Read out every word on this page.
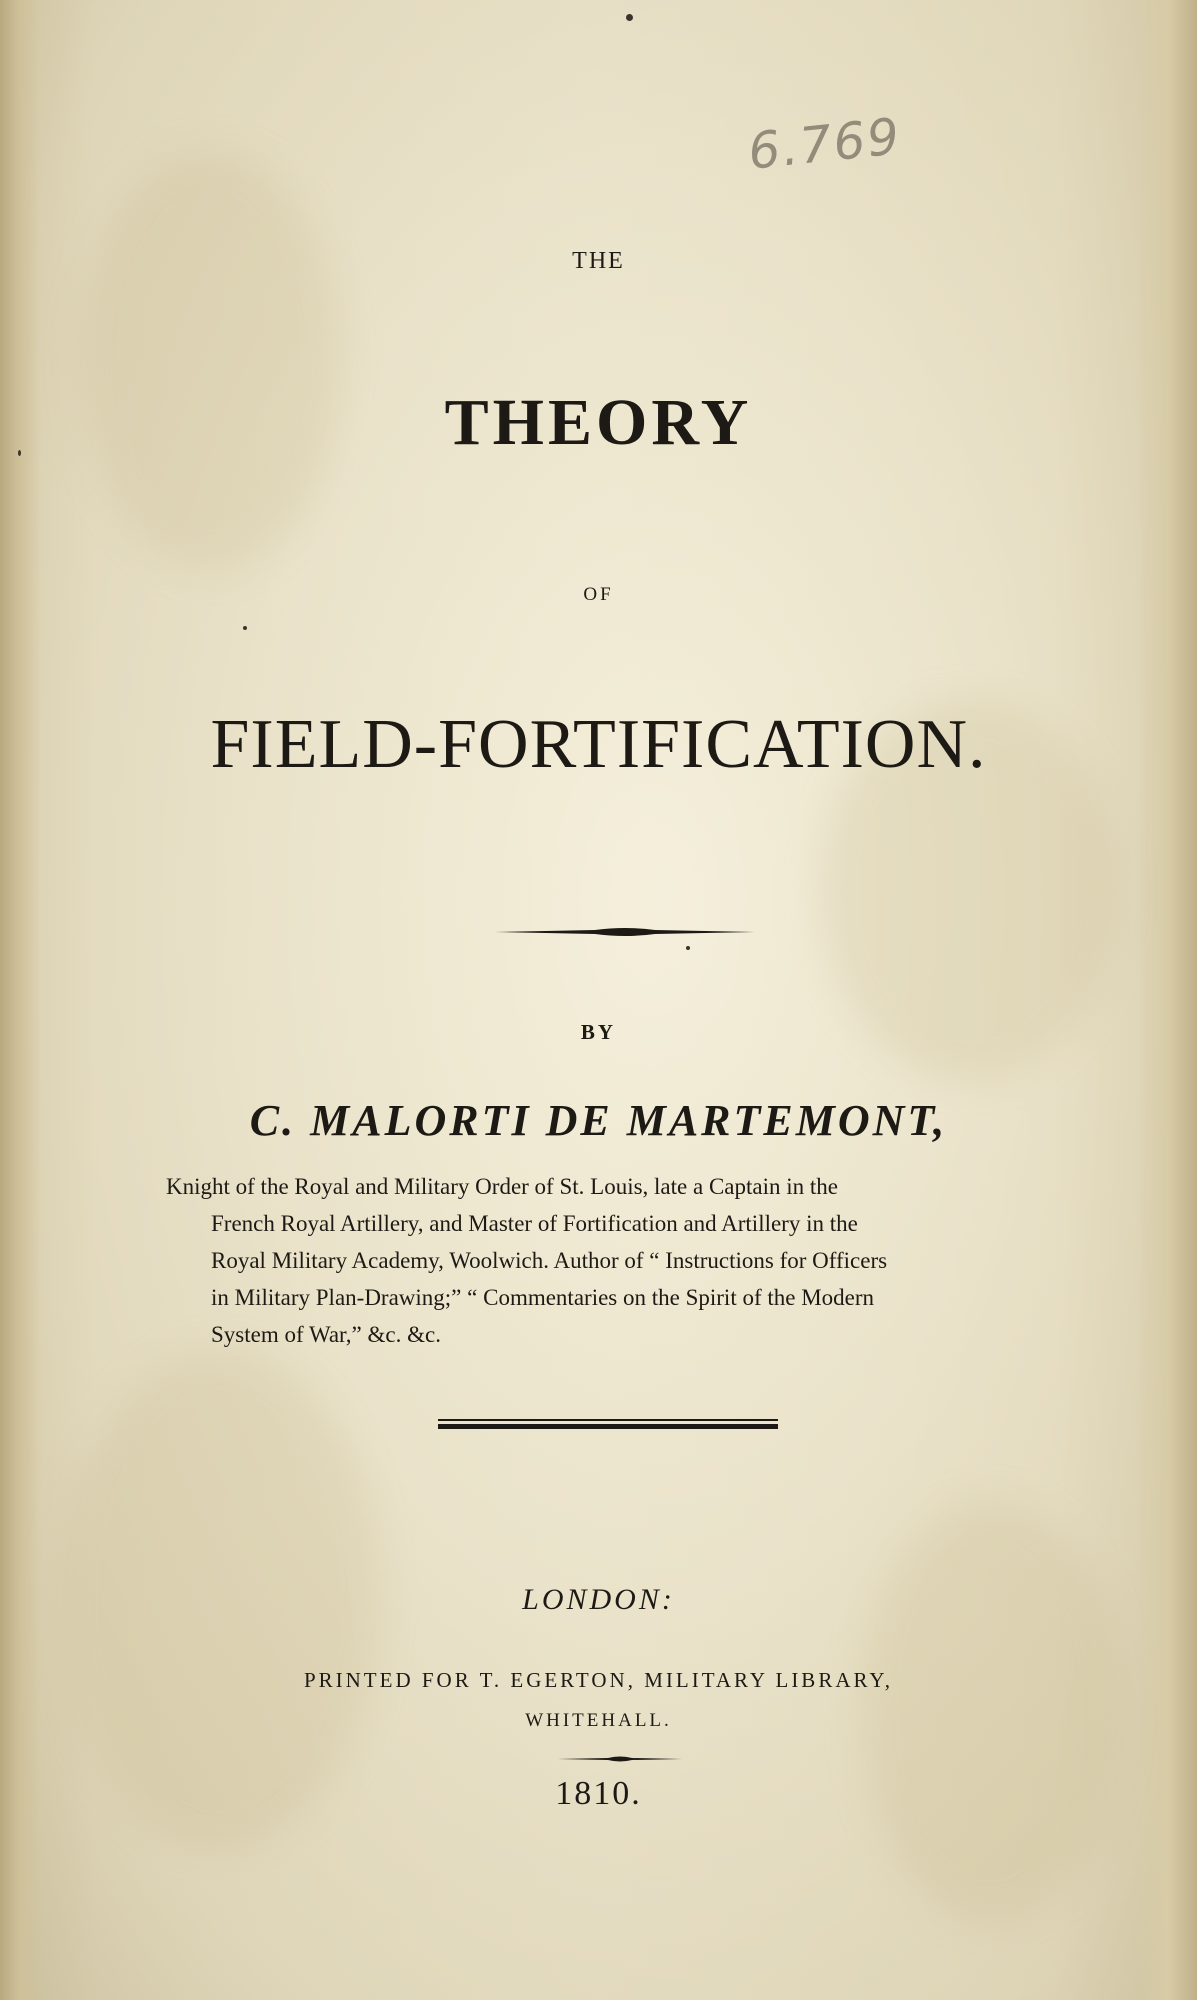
6.769
THE
THEORY
OF
FIELD-FORTIFICATION.
BY
C. MALORTI DE MARTEMONT,
Knight of the Royal and Military Order of St. Louis, late a Captain in the
French Royal Artillery, and Master of Fortification and Artillery in the
Royal Military Academy, Woolwich. Author of “ Instructions for Officers
in Military Plan-Drawing;” “ Commentaries on the Spirit of the Modern
System of War,” &c. &c.
LONDON:
PRINTED FOR T. EGERTON, MILITARY LIBRARY,
WHITEHALL.
1810.
